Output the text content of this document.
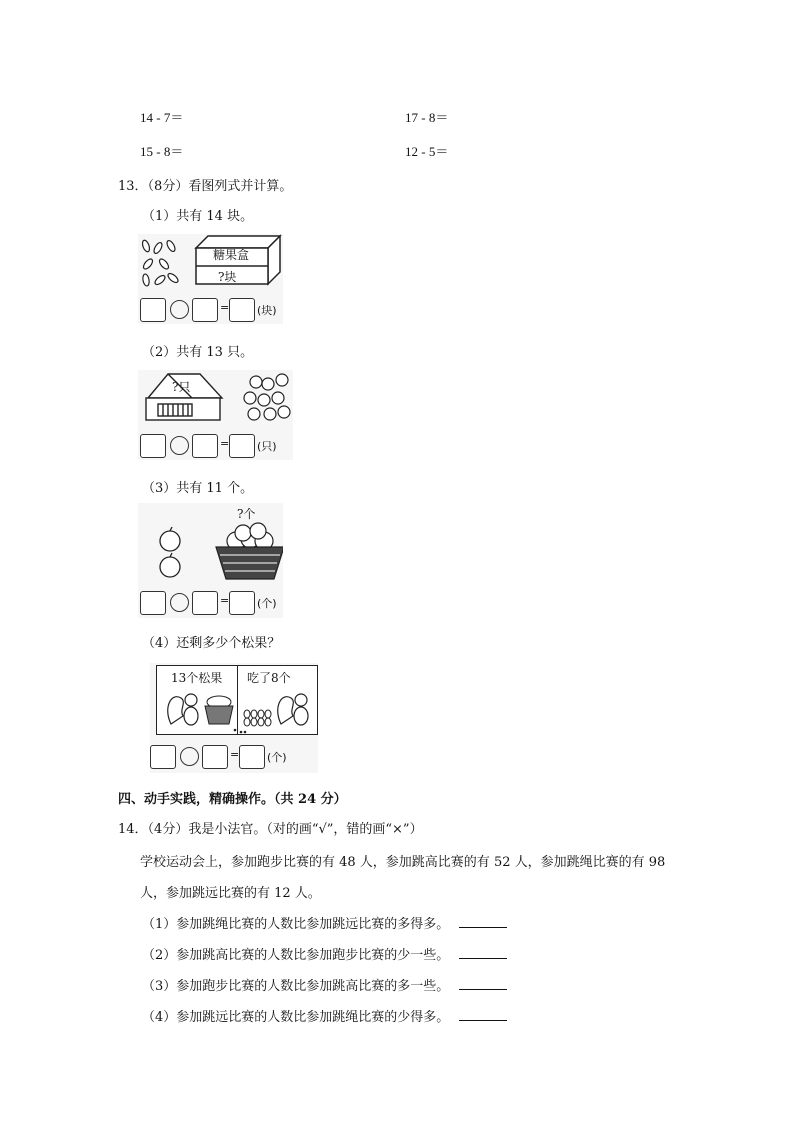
14 - 7＝	17 - 8＝
15 - 8＝	12 - 5＝
13．（8分）看图列式并计算。
（1）共有 14 块。
糖果盒
?块
=	(块)
（2）共有 13 只。
?只
=	(只)
（3）共有 11 个。
?个
=	(个)
（4）还剩多少个松果？
13个松果 吃了8个
=	(个)
四、动手实践，精确操作。（共 24 分）
14．（4分）我是小法官。（对的画“√”，错的画“×”）
学校运动会上，参加跑步比赛的有 48 人，参加跳高比赛的有 52 人，参加跳绳比赛的有 98
人，参加跳远比赛的有 12 人。
（1）参加跳绳比赛的人数比参加跳远比赛的多得多。
（2）参加跳高比赛的人数比参加跑步比赛的少一些。
（3）参加跑步比赛的人数比参加跳高比赛的多一些。
（4）参加跳远比赛的人数比参加跳绳比赛的少得多。
